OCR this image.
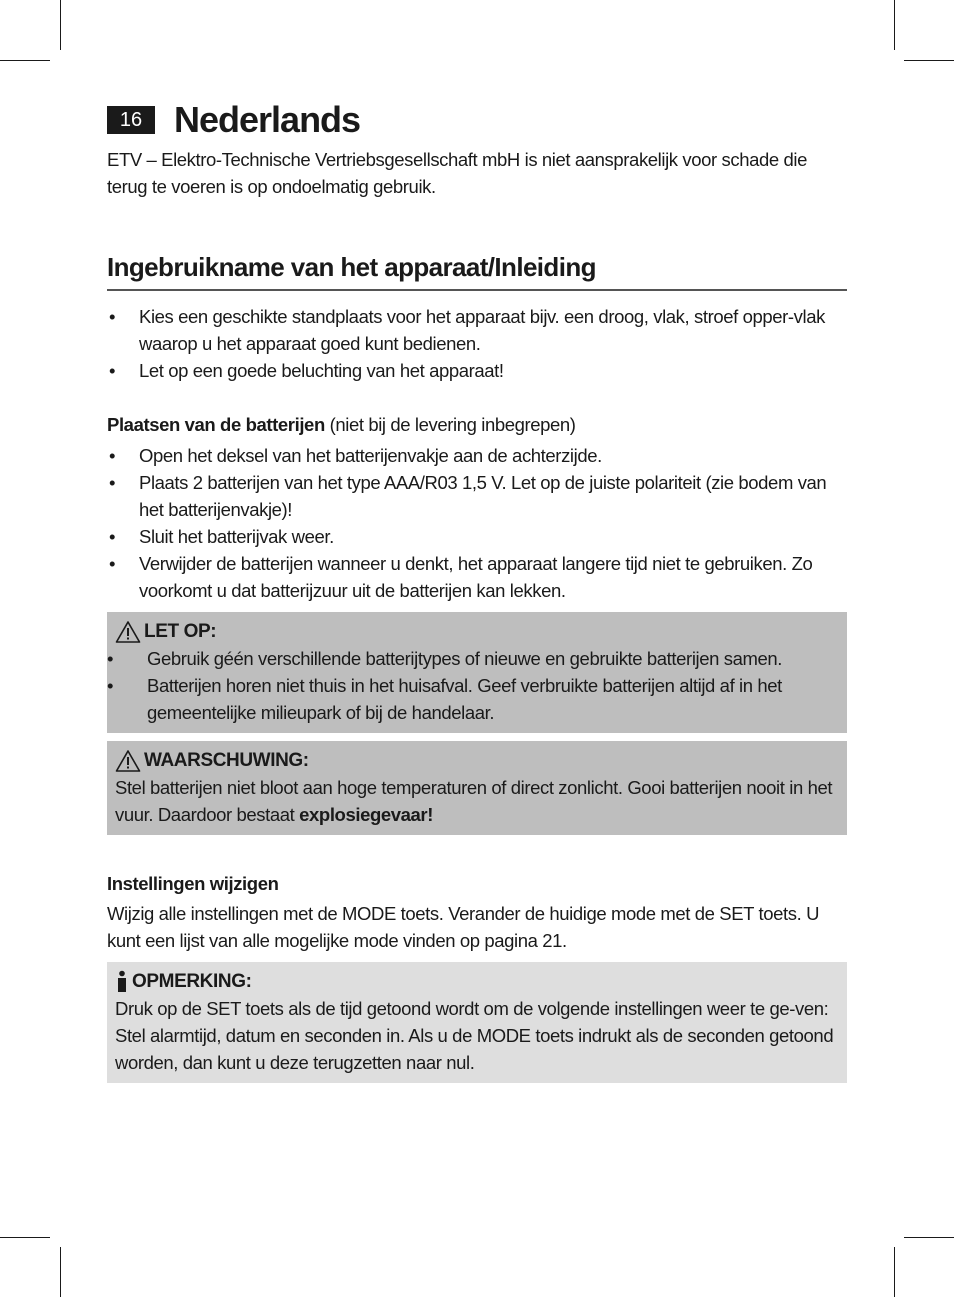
16 Nederlands

ETV – Elektro-Technische Vertriebsgesellschaft mbH is niet aansprakelijk voor schade die terug te voeren is op ondoelmatig gebruik.

Ingebruikname van het apparaat/Inleiding
• Kies een geschikte standplaats voor het apparaat bijv. een droog, vlak, stroef opper-vlak waarop u het apparaat goed kunt bedienen.
• Let op een goede beluchting van het apparaat!

Plaatsen van de batterijen (niet bij de levering inbegrepen)

• Open het deksel van het batterijenvakje aan de achterzijde.
• Plaats 2 batterijen van het type AAA/R03 1,5 V. Let op de juiste polariteit (zie bodem van het batterijenvakje)!
• Sluit het batterijvak weer.
• Verwijder de batterijen wanneer u denkt, het apparaat langere tijd niet te gebruiken. Zo voorkomt u dat batterijzuur uit de batterijen kan lekken.
LET OP:
• Gebruik géén verschillende batterijtypes of nieuwe en gebruikte batterijen samen.
• Batterijen horen niet thuis in het huisafval. Geef verbruikte batterijen altijd af in het gemeentelijke milieupark of bij de handelaar.
WAARSCHUWING:

Stel batterijen niet bloot aan hoge temperaturen of direct zonlicht. Gooi batterijen nooit in het vuur. Daardoor bestaat explosiegevaar!

Instellingen wijzigen

Wijzig alle instellingen met de MODE toets. Verander de huidige mode met de SET toets. U kunt een lijst van alle mogelijke mode vinden op pagina 21.

OPMERKING:

Druk op de SET toets als de tijd getoond wordt om de volgende instellingen weer te ge-ven: Stel alarmtijd, datum en seconden in. Als u de MODE toets indrukt als de seconden getoond worden, dan kunt u deze terugzetten naar nul.
